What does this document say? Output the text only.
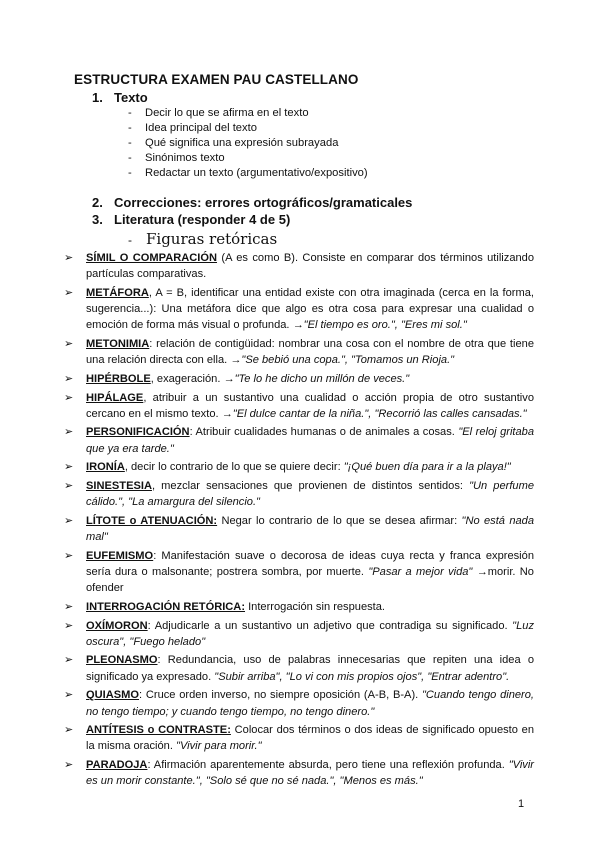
ESTRUCTURA EXAMEN PAU CASTELLANO
1. Texto
- Decir lo que se afirma en el texto
- Idea principal del texto
- Qué significa una expresión subrayada
- Sinónimos texto
- Redactar un texto (argumentativo/expositivo)
2. Correcciones: errores ortográficos/gramaticales
3. Literatura (responder 4 de 5)
- Figuras retóricas
➢ SÍMIL O COMPARACIÓN (A es como B). Consiste en comparar dos términos utilizando partículas comparativas.
➢ METÁFORA, A = B, identificar una entidad existe con otra imaginada (cerca en la forma, sugerencia...): Una metáfora dice que algo es otra cosa para expresar una cualidad o emoción de forma más visual o profunda. →"El tiempo es oro.", "Eres mi sol."
➢ METONIMIA: relación de contigüidad: nombrar una cosa con el nombre de otra que tiene una relación directa con ella. →"Se bebió una copa.", "Tomamos un Rioja."
➢ HIPÉRBOLE, exageración. →"Te lo he dicho un millón de veces."
➢ HIPÁLAGE, atribuir a un sustantivo una cualidad o acción propia de otro sustantivo cercano en el mismo texto. →"El dulce cantar de la niña.", "Recorrió las calles cansadas."
➢ PERSONIFICACIÓN: Atribuir cualidades humanas o de animales a cosas. "El reloj gritaba que ya era tarde."
➢ IRONÍA, decir lo contrario de lo que se quiere decir: "¡Qué buen día para ir a la playa!"
➢ SINESTESIA, mezclar sensaciones que provienen de distintos sentidos: "Un perfume cálido.", "La amargura del silencio."
➢ LÍTOTE o ATENUACIÓN: Negar lo contrario de lo que se desea afirmar: "No está nada mal"
➢ EUFEMISMO: Manifestación suave o decorosa de ideas cuya recta y franca expresión sería dura o malsonante; postrera sombra, por muerte. "Pasar a mejor vida" →morir. No ofender
➢ INTERROGACIÓN RETÓRICA: Interrogación sin respuesta.
➢ OXÍMORON: Adjudicarle a un sustantivo un adjetivo que contradiga su significado. "Luz oscura", "Fuego helado"
➢ PLEONASMO: Redundancia, uso de palabras innecesarias que repiten una idea o significado ya expresado. "Subir arriba", "Lo vi con mis propios ojos", "Entrar adentro".
➢ QUIASMO: Cruce orden inverso, no siempre oposición (A-B, B-A). "Cuando tengo dinero, no tengo tiempo; y cuando tengo tiempo, no tengo dinero."
➢ ANTÍTESIS o CONTRASTE: Colocar dos términos o dos ideas de significado opuesto en la misma oración. "Vivir para morir."
➢ PARADOJA: Afirmación aparentemente absurda, pero tiene una reflexión profunda. "Vivir es un morir constante.", "Solo sé que no sé nada.", "Menos es más."
1
